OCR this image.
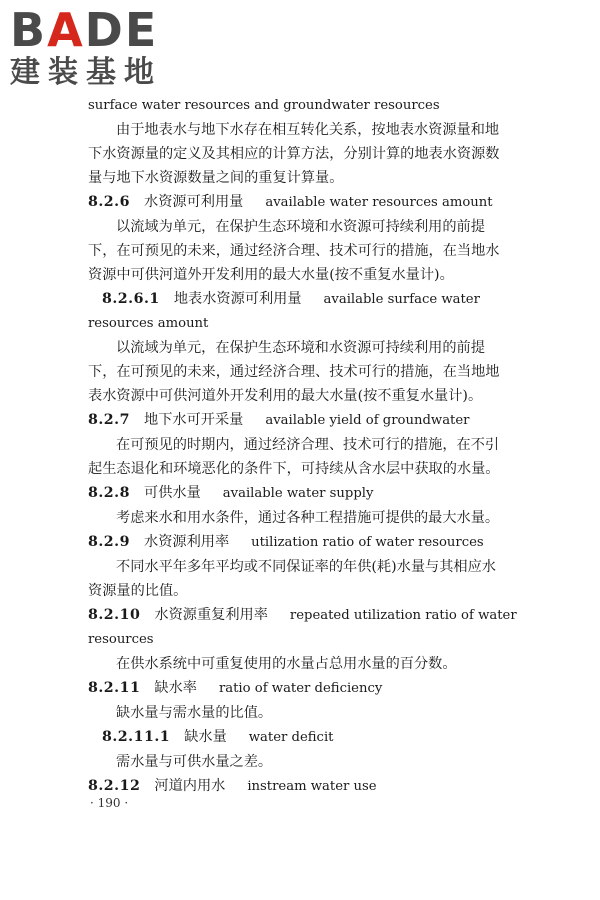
BADE
建装基地

surface water resources and groundwater resources

由于地表水与地下水存在相互转化关系，按地表水资源量和地下水资源量的定义及其相应的计算方法，分别计算的地表水资源数量与地下水资源数量之间的重复计算量。

8.2.6 水资源可利用量 available water resources amount

以流域为单元，在保护生态环境和水资源可持续利用的前提下，在可预见的未来，通过经济合理、技术可行的措施，在当地水资源中可供河道外开发利用的最大水量(按不重复水量计)。

8.2.6.1 地表水资源可利用量 available surface water

resources amount

以流域为单元，在保护生态环境和水资源可持续利用的前提下，在可预见的未来，通过经济合理、技术可行的措施，在当地地表水资源中可供河道外开发利用的最大水量(按不重复水量计)。

8.2.7 地下水可开采量 available yield of groundwater

在可预见的时期内，通过经济合理、技术可行的措施，在不引起生态退化和环境恶化的条件下，可持续从含水层中获取的水量。

8.2.8 可供水量 available water supply

考虑来水和用水条件，通过各种工程措施可提供的最大水量。

8.2.9 水资源利用率 utilization ratio of water resources

不同水平年多年平均或不同保证率的年供(耗)水量与其相应水资源量的比值。

8.2.10 水资源重复利用率 repeated utilization ratio of water

resources

在供水系统中可重复使用的水量占总用水量的百分数。

8.2.11 缺水率 ratio of water deficiency

缺水量与需水量的比值。

8.2.11.1 缺水量 water deficit

需水量与可供水量之差。

8.2.12 河道内用水 instream water use
· 190 ·
